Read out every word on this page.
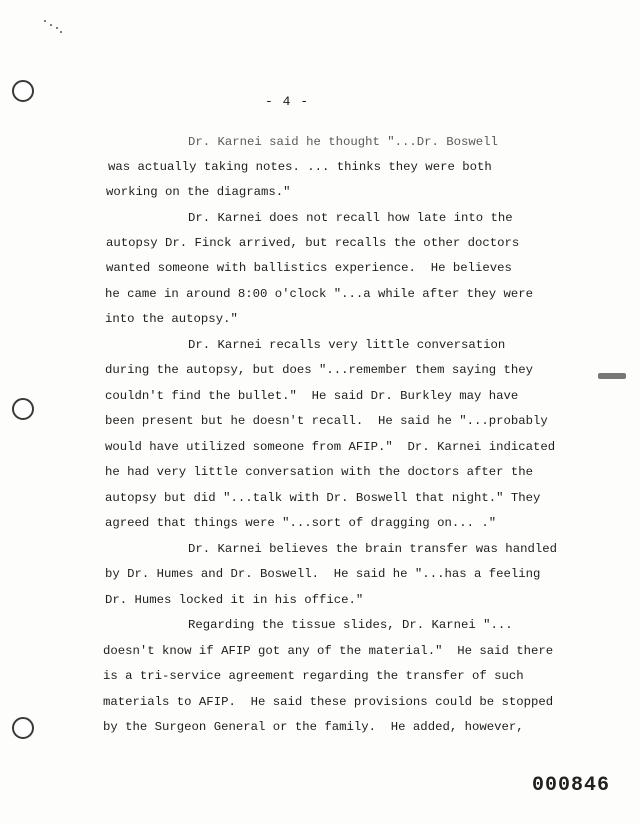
- 4 -
Dr. Karnei said he thought "...Dr. Boswell
was actually taking notes. ... thinks they were both
working on the diagrams."
Dr. Karnei does not recall how late into the
autopsy Dr. Finck arrived, but recalls the other doctors
wanted someone with ballistics experience.  He believes
he came in around 8:00 o'clock "...a while after they were
into the autopsy."
Dr. Karnei recalls very little conversation
during the autopsy, but does "...remember them saying they
couldn't find the bullet."  He said Dr. Burkley may have
been present but he doesn't recall.  He said he "...probably
would have utilized someone from AFIP."  Dr. Karnei indicated
he had very little conversation with the doctors after the
autopsy but did "...talk with Dr. Boswell that night." They
agreed that things were "...sort of dragging on... ."
Dr. Karnei believes the brain transfer was handled
by Dr. Humes and Dr. Boswell.  He said he "...has a feeling
Dr. Humes locked it in his office."
Regarding the tissue slides, Dr. Karnei "...
doesn't know if AFIP got any of the material."  He said there
is a tri-service agreement regarding the transfer of such
materials to AFIP.  He said these provisions could be stopped
by the Surgeon General or the family.  He added, however,
000846
